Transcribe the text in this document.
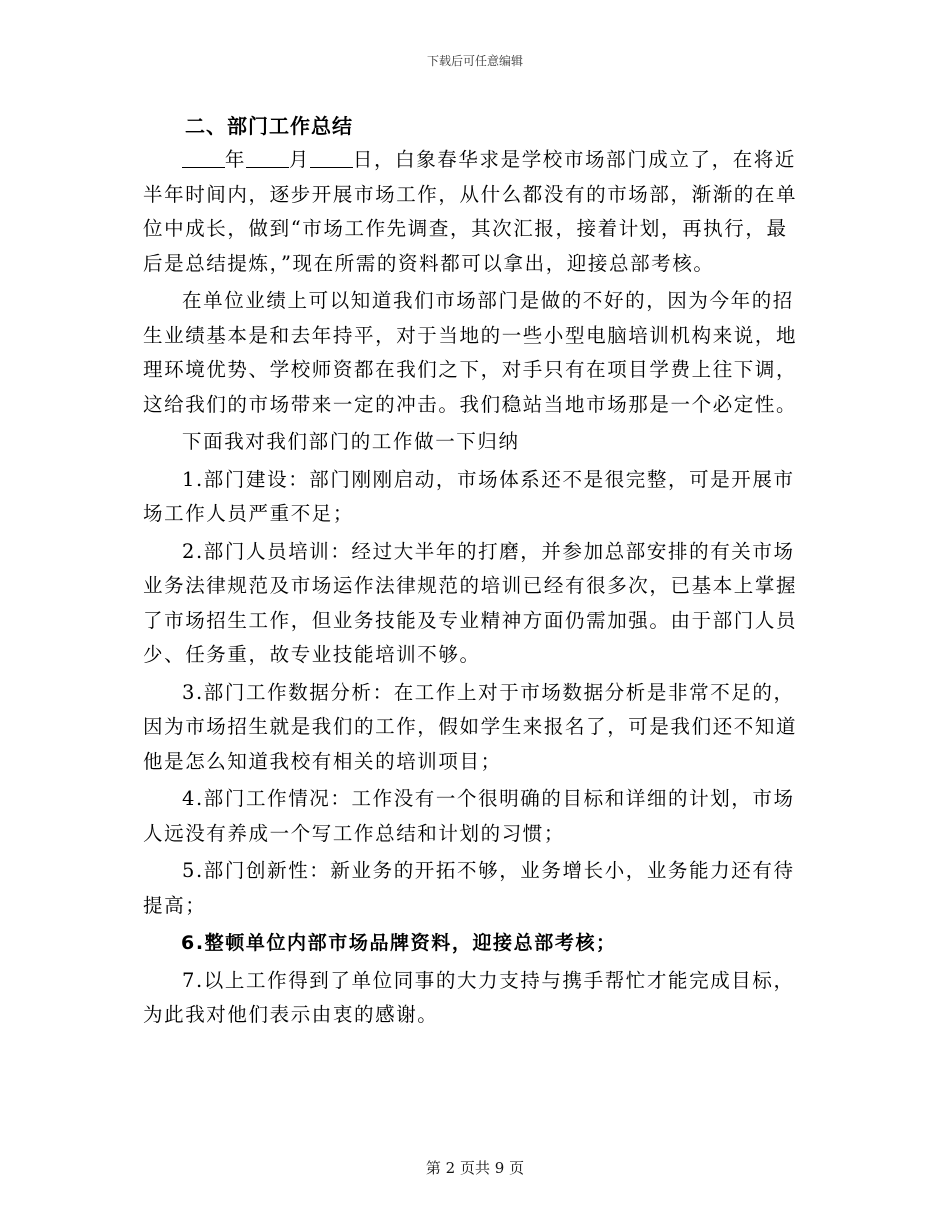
下载后可任意编辑
二、部门工作总结

年 月 日，白象春华求是学校市场部门成立了，在将近半年时间内，逐步开展市场工作，从什么都没有的市场部，渐渐的在单位中成长，做到“市场工作先调查，其次汇报，接着计划，再执行，最后是总结提炼，”现在所需的资料都可以拿出，迎接总部考核。

在单位业绩上可以知道我们市场部门是做的不好的，因为今年的招生业绩基本是和去年持平，对于当地的一些小型电脑培训机构来说，地理环境优势、学校师资都在我们之下，对手只有在项目学费上往下调，这给我们的市场带来一定的冲击。我们稳站当地市场那是一个必定性。

下面我对我们部门的工作做一下归纳

1.部门建设：部门刚刚启动，市场体系还不是很完整，可是开展市场工作人员严重不足；

2.部门人员培训：经过大半年的打磨，并参加总部安排的有关市场业务法律规范及市场运作法律规范的培训已经有很多次，已基本上掌握了市场招生工作，但业务技能及专业精神方面仍需加强。由于部门人员少、任务重，故专业技能培训不够。

3.部门工作数据分析：在工作上对于市场数据分析是非常不足的，因为市场招生就是我们的工作，假如学生来报名了，可是我们还不知道他是怎么知道我校有相关的培训项目；

4.部门工作情况：工作没有一个很明确的目标和详细的计划，市场人远没有养成一个写工作总结和计划的习惯；

5.部门创新性：新业务的开拓不够，业务增长小，业务能力还有待提高；

6.整顿单位内部市场品牌资料，迎接总部考核；

7.以上工作得到了单位同事的大力支持与携手帮忙才能完成目标，为此我对他们表示由衷的感谢。

第 2 页共 9 页
